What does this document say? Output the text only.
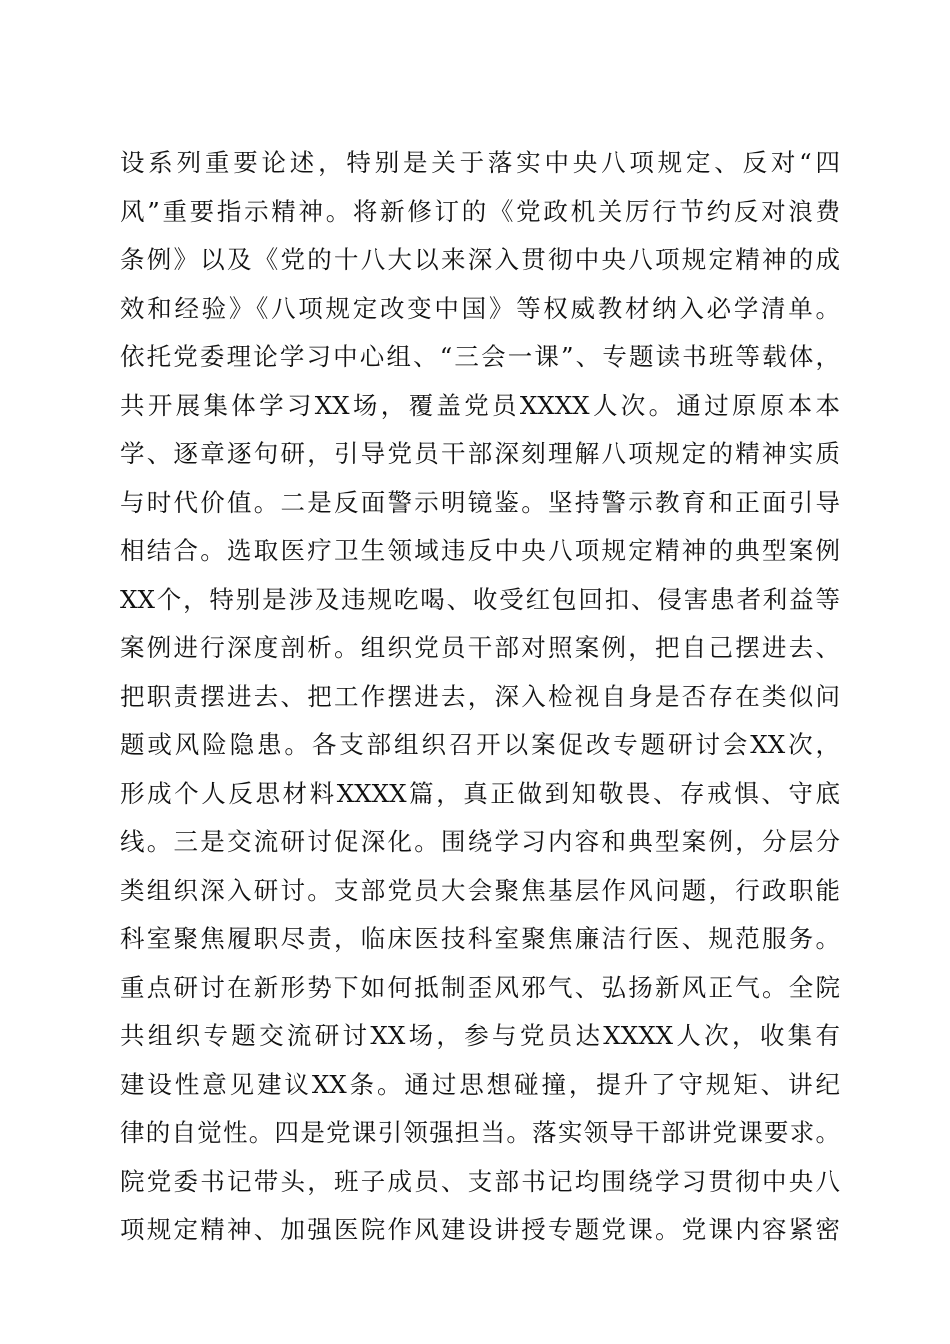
设系列重要论述，特别是关于落实中央八项规定、反对“四
风”重要指示精神。将新修订的《党政机关厉行节约反对浪费
条例》以及《党的十八大以来深入贯彻中央八项规定精神的成
效和经验》《八项规定改变中国》等权威教材纳入必学清单。
依托党委理论学习中心组、“三会一课”、专题读书班等载体，
共开展集体学习XX场，覆盖党员XXXX人次。通过原原本本
学、逐章逐句研，引导党员干部深刻理解八项规定的精神实质
与时代价值。二是反面警示明镜鉴。坚持警示教育和正面引导
相结合。选取医疗卫生领域违反中央八项规定精神的典型案例
XX个，特别是涉及违规吃喝、收受红包回扣、侵害患者利益等
案例进行深度剖析。组织党员干部对照案例，把自己摆进去、
把职责摆进去、把工作摆进去，深入检视自身是否存在类似问
题或风险隐患。各支部组织召开以案促改专题研讨会XX次，
形成个人反思材料XXXX篇，真正做到知敬畏、存戒惧、守底
线。三是交流研讨促深化。围绕学习内容和典型案例，分层分
类组织深入研讨。支部党员大会聚焦基层作风问题，行政职能
科室聚焦履职尽责，临床医技科室聚焦廉洁行医、规范服务。
重点研讨在新形势下如何抵制歪风邪气、弘扬新风正气。全院
共组织专题交流研讨XX场，参与党员达XXXX人次，收集有
建设性意见建议XX条。通过思想碰撞，提升了守规矩、讲纪
律的自觉性。四是党课引领强担当。落实领导干部讲党课要求。
院党委书记带头，班子成员、支部书记均围绕学习贯彻中央八
项规定精神、加强医院作风建设讲授专题党课。党课内容紧密
